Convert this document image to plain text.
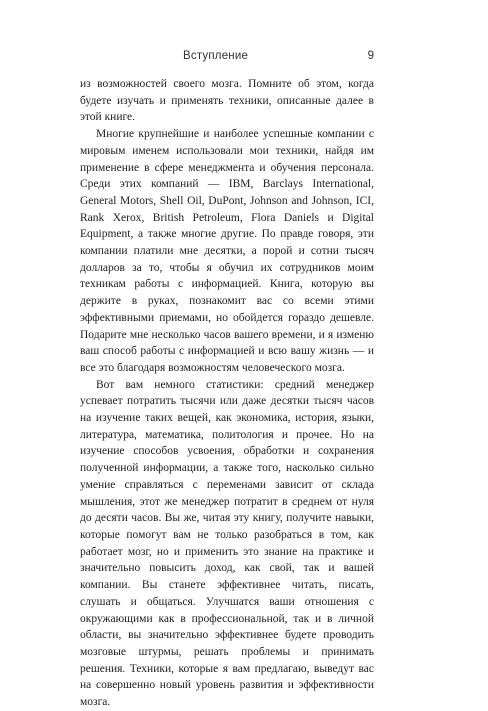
Вступление	9

из возможностей своего мозга. Помните об этом, когда будете изучать и применять техники, описанные далее в этой книге.

Многие крупнейшие и наиболее успешные компании с мировым именем использовали мои техники, найдя им применение в сфере менеджмента и обучения персонала. Среди этих компаний — IBM, Barclays International, General Motors, Shell Oil, DuPont, Johnson and Johnson, ICI, Rank Xerox, British Petroleum, Flora Daniels и Digital Equipment, а также многие другие. По правде говоря, эти компании платили мне десятки, а порой и сотни тысяч долларов за то, чтобы я обучил их сотрудников моим техникам работы с информацией. Книга, которую вы держите в руках, познакомит вас со всеми этими эффективными приемами, но обойдется гораздо дешевле. Подарите мне несколько часов вашего времени, и я изменю ваш способ работы с информацией и всю вашу жизнь — и все это благодаря возможностям человеческого мозга.

Вот вам немного статистики: средний менеджер успевает потратить тысячи или даже десятки тысяч часов на изучение таких вещей, как экономика, история, языки, литература, математика, политология и прочее. Но на изучение способов усвоения, обработки и сохранения полученной информации, а также того, насколько сильно умение справляться с переменами зависит от склада мышления, этот же менеджер потратит в среднем от нуля до десяти часов. Вы же, читая эту книгу, получите навыки, которые помогут вам не только разобраться в том, как работает мозг, но и применить это знание на практике и значительно повысить доход, как свой, так и вашей компании. Вы станете эффективнее читать, писать, слушать и общаться. Улучшатся ваши отношения с окружающими как в профессиональной, так и в личной области, вы значительно эффективнее будете проводить мозговые штурмы, решать проблемы и принимать решения. Техники, которые я вам предлагаю, выведут вас на совершенно новый уровень развития и эффективности мозга.
